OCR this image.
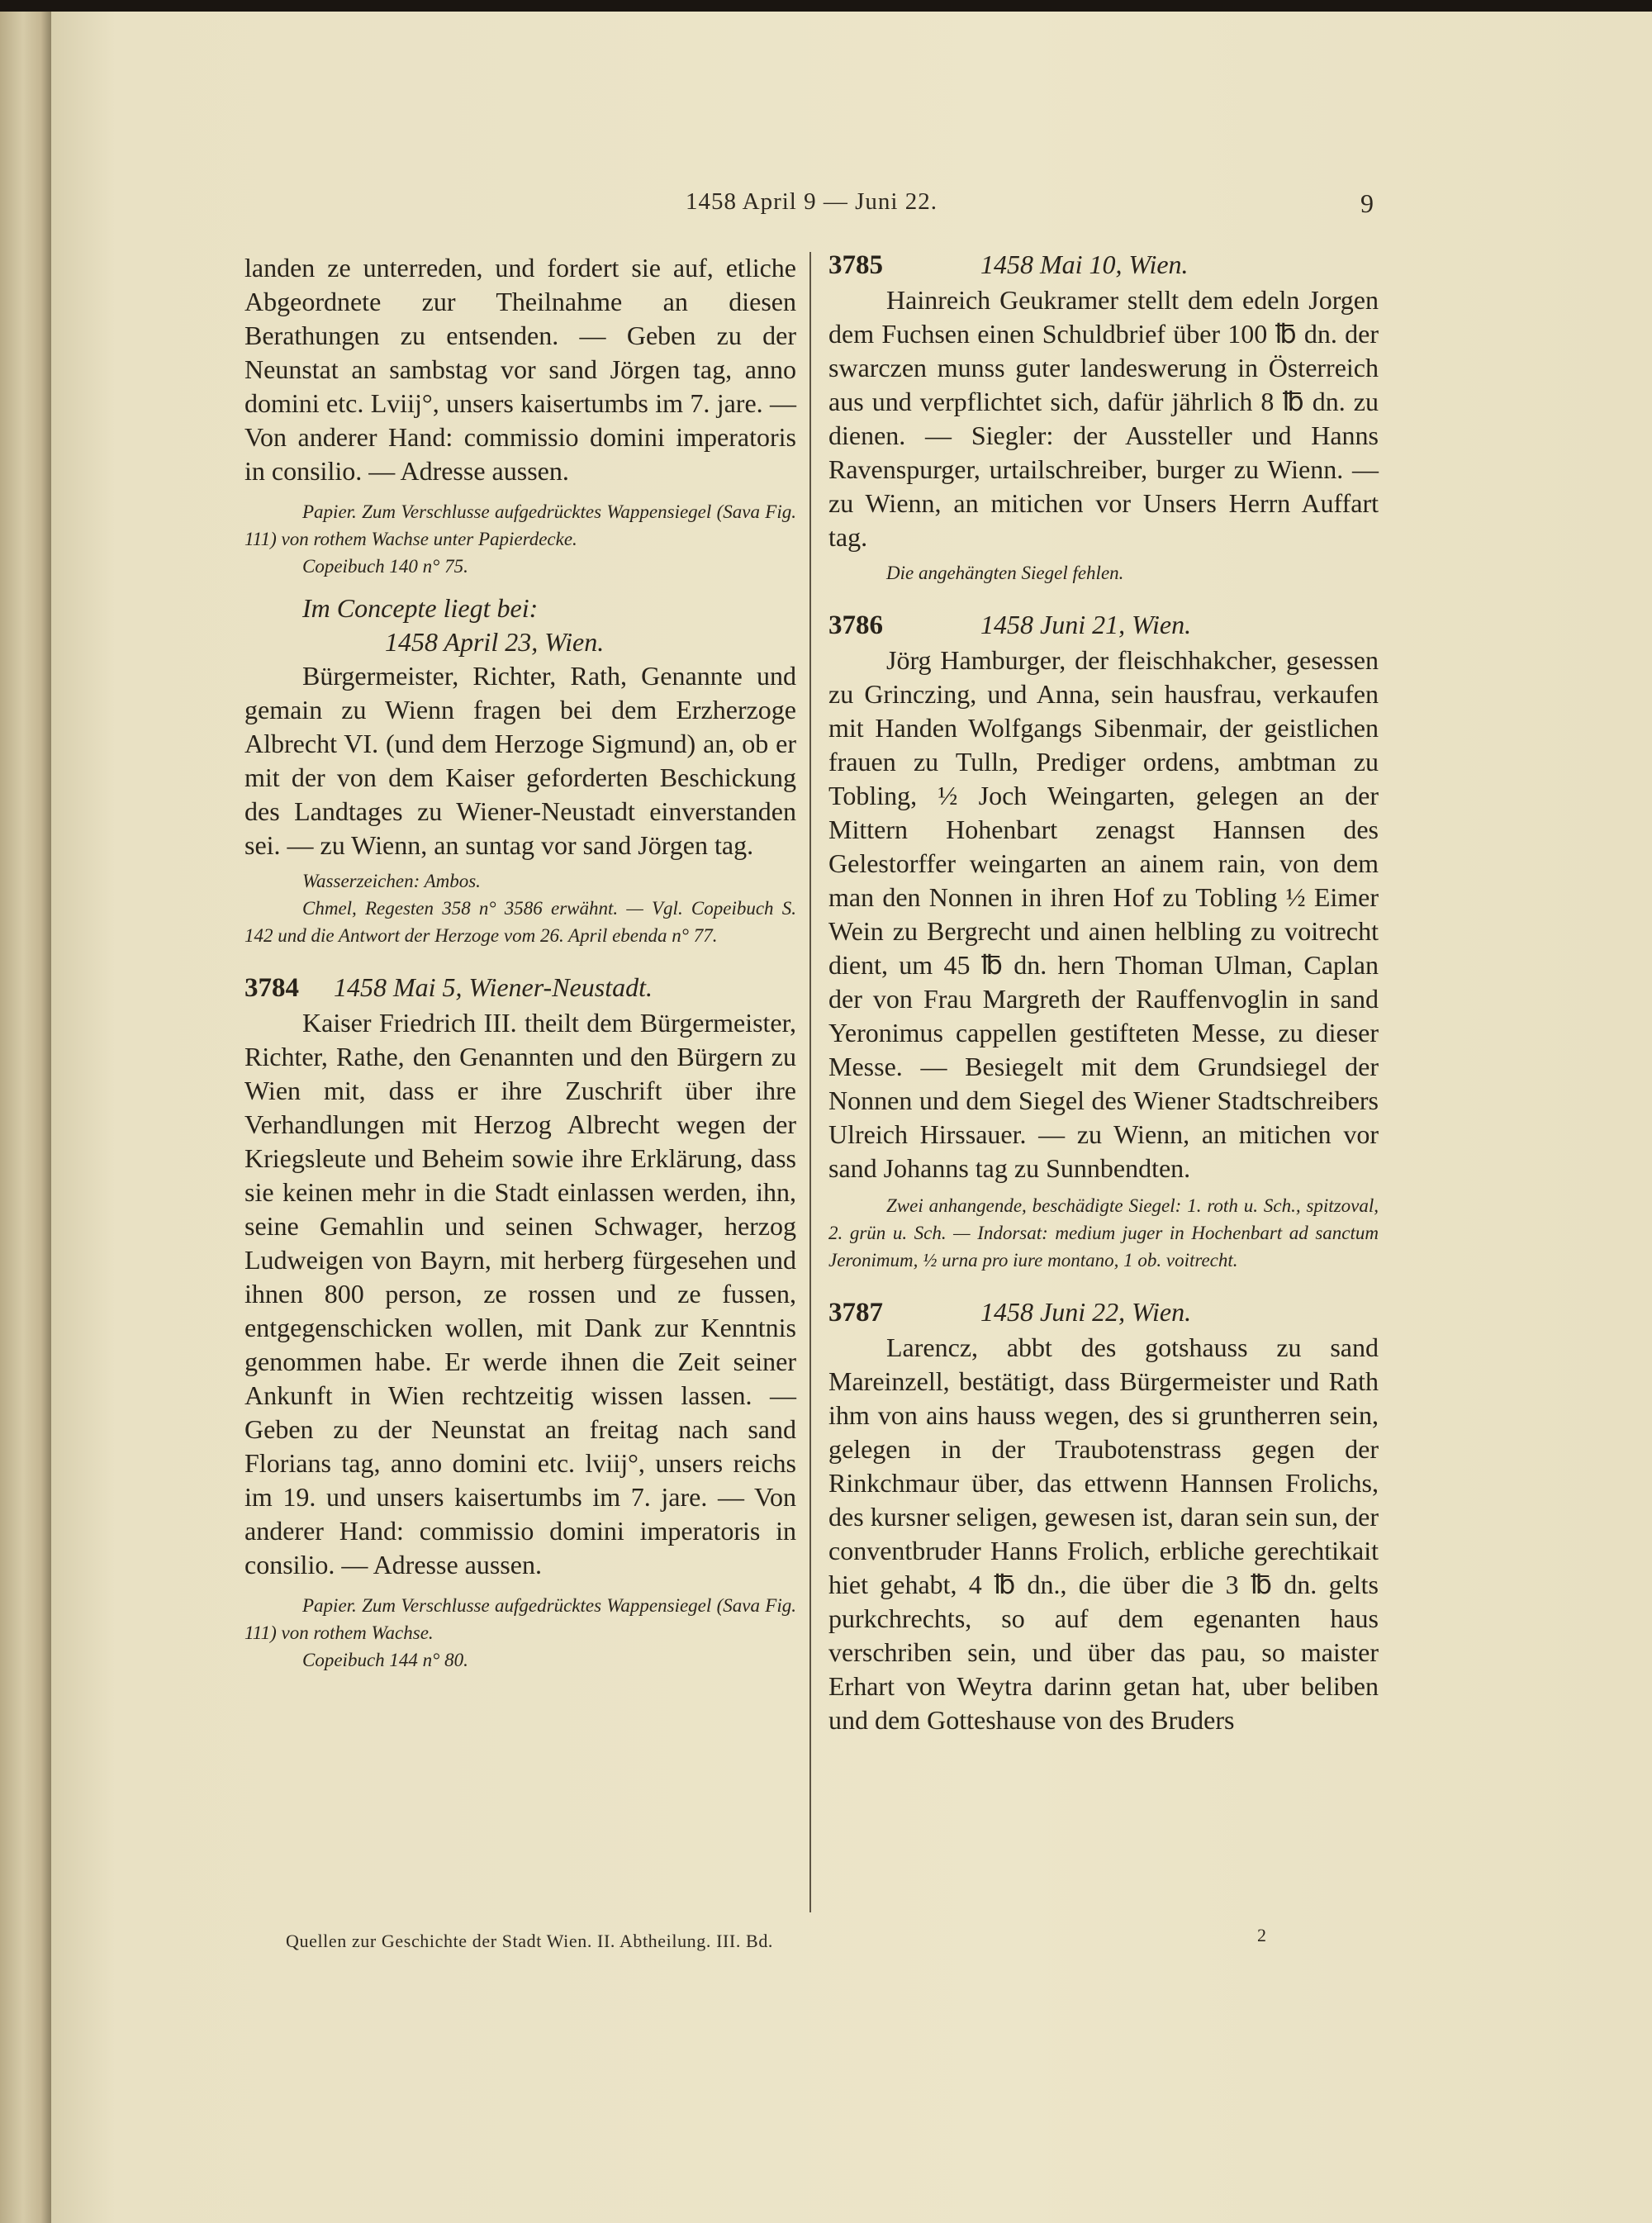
1458 April 9 — Juni 22.	9

landen ze unterreden, und fordert sie auf, etliche Abgeordnete zur Theilnahme an diesen Berathungen zu entsenden. — Geben zu der Neunstat an sambstag vor sand Jörgen tag, anno domini etc. Lviij°, unsers kaisertumbs im 7. jare. — Von anderer Hand: commissio domini imperatoris in consilio. — Adresse aussen.

Papier. Zum Verschlusse aufgedrücktes Wappensiegel (Sava Fig. 111) von rothem Wachse unter Papierdecke.

Copeibuch 140 n° 75.

Im Concepte liegt bei:

1458 April 23, Wien.

Bürgermeister, Richter, Rath, Genannte und gemain zu Wienn fragen bei dem Erzherzoge Albrecht VI. (und dem Herzoge Sigmund) an, ob er mit der von dem Kaiser geforderten Beschickung des Landtages zu Wiener-Neustadt einverstanden sei. — zu Wienn, an suntag vor sand Jörgen tag.

Wasserzeichen: Ambos.

Chmel, Regesten 358 n° 3586 erwähnt. — Vgl. Copeibuch S. 142 und die Antwort der Herzoge vom 26. April ebenda n° 77.

3784 1458 Mai 5, Wiener-Neustadt.

Kaiser Friedrich III. theilt dem Bürgermeister, Richter, Rathe, den Genannten und den Bürgern zu Wien mit, dass er ihre Zuschrift über ihre Verhandlungen mit Herzog Albrecht wegen der Kriegsleute und Beheim sowie ihre Erklärung, dass sie keinen mehr in die Stadt einlassen werden, ihn, seine Gemahlin und seinen Schwager, herzog Ludweigen von Bayrn, mit herberg fürgesehen und ihnen 800 person, ze rossen und ze fussen, entgegenschicken wollen, mit Dank zur Kenntnis genommen habe. Er werde ihnen die Zeit seiner Ankunft in Wien rechtzeitig wissen lassen. — Geben zu der Neunstat an freitag nach sand Florians tag, anno domini etc. lviij°, unsers reichs im 19. und unsers kaisertumbs im 7. jare. — Von anderer Hand: commissio domini imperatoris in consilio. — Adresse aussen.

Papier. Zum Verschlusse aufgedrücktes Wappensiegel (Sava Fig. 111) von rothem Wachse.

Copeibuch 144 n° 80.

3785	1458 Mai 10, Wien.

Hainreich Geukramer stellt dem edeln Jorgen dem Fuchsen einen Schuldbrief über 100 ℔ dn. der swarczen munss guter landeswerung in Österreich aus und verpflichtet sich, dafür jährlich 8 ℔ dn. zu dienen. — Siegler: der Aussteller und Hanns Ravenspurger, urtailschreiber, burger zu Wienn. — zu Wienn, an mitichen vor Unsers Herrn Auffart tag.

Die angehängten Siegel fehlen.

3786	1458 Juni 21, Wien.

Jörg Hamburger, der fleischhakcher, gesessen zu Grinczing, und Anna, sein hausfrau, verkaufen mit Handen Wolfgangs Sibenmair, der geistlichen frauen zu Tulln, Prediger ordens, ambtman zu Tobling, ½ Joch Weingarten, gelegen an der Mittern Hohenbart zenagst Hannsen des Gelestorffer weingarten an ainem rain, von dem man den Nonnen in ihren Hof zu Tobling ½ Eimer Wein zu Bergrecht und ainen helbling zu voitrecht dient, um 45 ℔ dn. hern Thoman Ulman, Caplan der von Frau Margreth der Rauffenvoglin in sand Yeronimus cappellen gestifteten Messe, zu dieser Messe. — Besiegelt mit dem Grundsiegel der Nonnen und dem Siegel des Wiener Stadtschreibers Ulreich Hirssauer. — zu Wienn, an mitichen vor sand Johanns tag zu Sunnbendten.

Zwei anhangende, beschädigte Siegel: 1. roth u. Sch., spitzoval, 2. grün u. Sch. — Indorsat: medium juger in Hochenbart ad sanctum Jeronimum, ½ urna pro iure montano, 1 ob. voitrecht.

3787	1458 Juni 22, Wien.

Larencz, abbt des gotshauss zu sand Mareinzell, bestätigt, dass Bürgermeister und Rath ihm von ains hauss wegen, des si gruntherren sein, gelegen in der Traubotenstrass gegen der Rinkchmaur über, das ettwenn Hannsen Frolichs, des kursner seligen, gewesen ist, daran sein sun, der conventbruder Hanns Frolich, erbliche gerechtikait hiet gehabt, 4 ℔ dn., die über die 3 ℔ dn. gelts purkchrechts, so auf dem egenanten haus verschriben sein, und über das pau, so maister Erhart von Weytra darinn getan hat, uber beliben und dem Gotteshause von des Bruders

Quellen zur Geschichte der Stadt Wien. II. Abtheilung. III. Bd.	2
